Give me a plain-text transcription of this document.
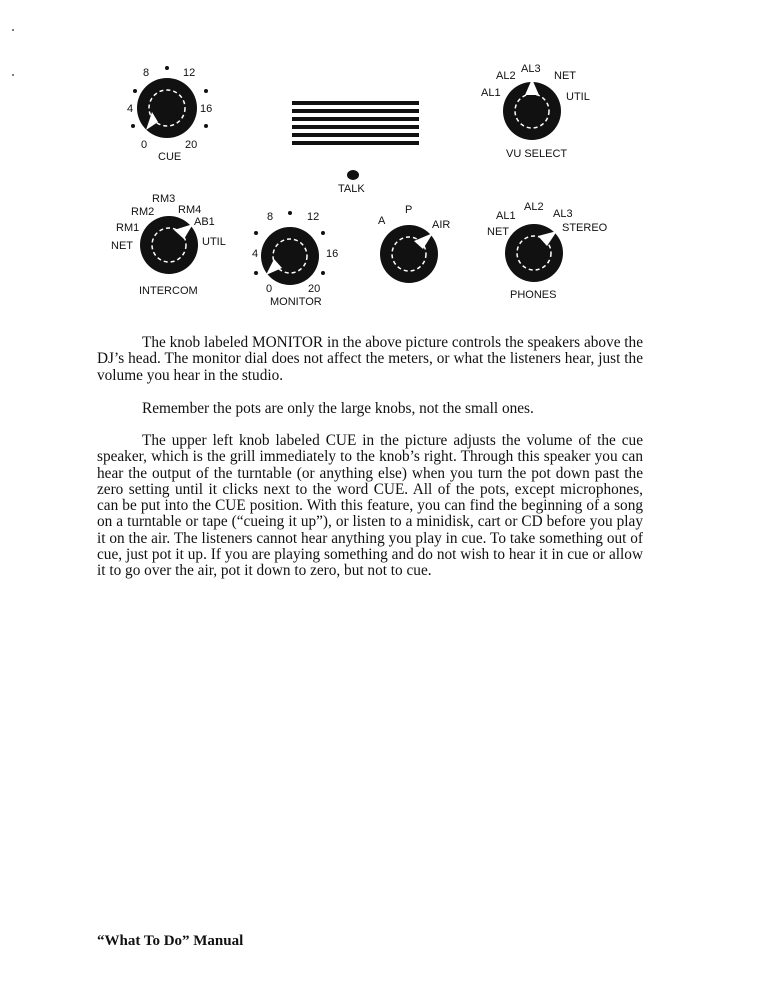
0
4
8	12
16
20
CUE
TALK
AL1
AL2
AL3
NET
UTIL
VU SELECT
NET
RM1
RM2
RM3
RM4
AB1
UTIL
INTERCOM	0
4
8	12
16
20
MONITOR
A
P
AIR
NET
AL1
AL2
AL3
STEREO
PHONES

The knob labeled MONITOR in the above picture controls the speakers above the DJ’s head. The monitor dial does not affect the meters, or what the listeners hear, just the volume you hear in the studio.

Remember the pots are only the large knobs, not the small ones.

The upper left knob labeled CUE in the picture adjusts the volume of the cue speaker, which is the grill immediately to the knob’s right. Through this speaker you can hear the output of the turntable (or anything else) when you turn the pot down past the zero setting until it clicks next to the word CUE. All of the pots, except microphones, can be put into the CUE position. With this feature, you can find the beginning of a song on a turntable or tape (“cueing it up”), or listen to a minidisk, cart or CD before you play it on the air. The listeners cannot hear anything you play in cue. To take something out of cue, just pot it up. If you are playing something and do not wish to hear it in cue or allow it to go over the air, pot it down to zero, but not to cue.

“What To Do” Manual
